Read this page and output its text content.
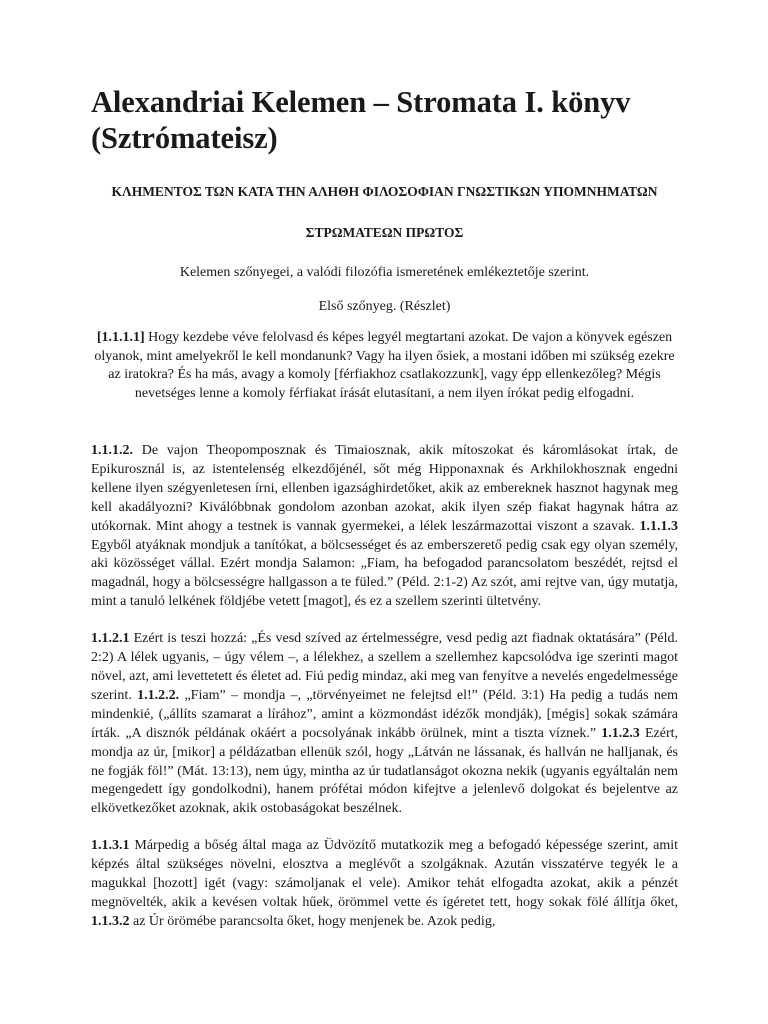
Alexandriai Kelemen – Stromata I. könyv (Sztrómateisz)

ΚΛΗΜΕΝΤΟΣ ΤΩΝ ΚΑΤΑ ΤΗΝ ΑΛΗΘΗ ΦΙΛΟΣΟΦΙΑΝ ΓΝΩΣΤΙΚΩΝ ΥΠΟΜΝΗΜΑΤΩΝ

ΣΤΡΩΜΑΤΕΩΝ ΠΡΩΤΟΣ

Kelemen szőnyegei, a valódi filozófia ismeretének emlékeztetője szerint.

Első szőnyeg. (Részlet)

[1.1.1.1] Hogy kezdebe véve felolvasd és képes legyél megtartani azokat. De vajon a könyvek egészen olyanok, mint amelyekről le kell mondanunk? Vagy ha ilyen ősiek, a mostani időben mi szükség ezekre az iratokra? És ha más, avagy a komoly [férfiakhoz csatlakozzunk], vagy épp ellenkezőleg? Mégis nevetséges lenne a komoly férfiakat írását elutasítani, a nem ilyen írókat pedig elfogadni.

1.1.1.2. De vajon Theopomposznak és Timaiosznak, akik mítoszokat és káromlásokat írtak, de Epikurosznál is, az istentelenség elkezdőjénél, sőt még Hipponaxnak és Arkhilokhosznak engedni kellene ilyen szégyenletesen írni, ellenben igazsághirdetőket, akik az embereknek hasznot hagynak meg kell akadályozni? Kiválóbbnak gondolom azonban azokat, akik ilyen szép fiakat hagynak hátra az utókornak. Mint ahogy a testnek is vannak gyermekei, a lélek leszármazottai viszont a szavak. 1.1.1.3 Egyből atyáknak mondjuk a tanítókat, a bölcsességet és az emberszerető pedig csak egy olyan személy, aki közösséget vállal. Ezért mondja Salamon: „Fiam, ha befogadod parancsolatom beszédét, rejtsd el magadnál, hogy a bölcsességre hallgasson a te füled.” (Péld. 2:1-2) Az szót, ami rejtve van, úgy mutatja, mint a tanuló lelkének földjébe vetett [magot], és ez a szellem szerinti ültetvény.

1.1.2.1 Ezért is teszi hozzá: „És vesd szíved az értelmességre, vesd pedig azt fiadnak oktatására” (Péld. 2:2) A lélek ugyanis, – úgy vélem –, a lélekhez, a szellem a szellemhez kapcsolódva ige szerinti magot növel, azt, ami levettetett és életet ad. Fiú pedig mindaz, aki meg van fenyítve a nevelés engedelmessége szerint. 1.1.2.2. „Fiam” – mondja –, „törvényeimet ne felejtsd el!” (Péld. 3:1) Ha pedig a tudás nem mindenkié, („állíts szamarat a lírához”, amint a közmondást idézők mondják), [mégis] sokak számára írták. „A disznók példának okáért a pocsolyának inkább örülnek, mint a tiszta víznek.” 1.1.2.3 Ezért, mondja az úr, [mikor] a példázatban ellenük szól, hogy „Látván ne lássanak, és hallván ne halljanak, és ne fogják föl!” (Mát. 13:13), nem úgy, mintha az úr tudatlanságot okozna nekik (ugyanis egyáltalán nem megengedett így gondolkodni), hanem prófétai módon kifejtve a jelenlevő dolgokat és bejelentve az elkövetkezőket azoknak, akik ostobaságokat beszélnek.

1.1.3.1 Márpedig a bőség által maga az Üdvözítő mutatkozik meg a befogadó képessége szerint, amit képzés által szükséges növelni, elosztva a meglévőt a szolgáknak. Azután visszatérve tegyék le a magukkal [hozott] igét (vagy: számoljanak el vele). Amikor tehát elfogadta azokat, akik a pénzét megnövelték, akik a kevésen voltak hűek, örömmel vette és ígéretet tett, hogy sokak fölé állítja őket, 1.1.3.2 az Úr örömébe parancsolta őket, hogy menjenek be. Azok pedig,
